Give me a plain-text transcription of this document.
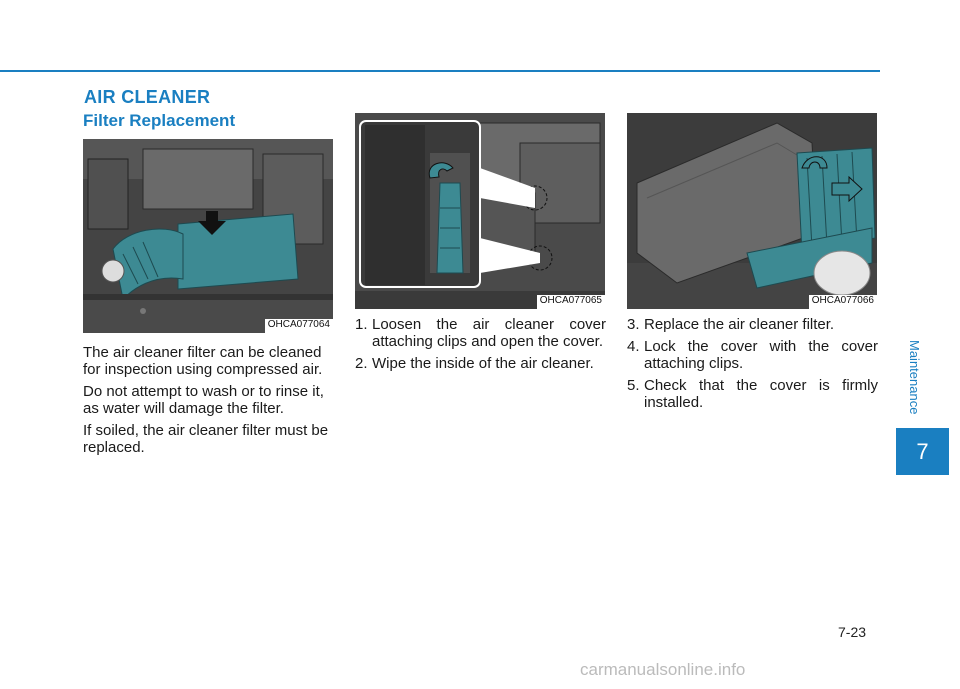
AIR CLEANER
Filter Replacement
OHCA077064
OHCA077065	OHCA077066

The air cleaner filter can be cleaned for inspection using compressed air.

Do not attempt to wash or to rinse it, as water will damage the filter.

If soiled, the air cleaner filter must be replaced.

1. Loosen the air cleaner cover attaching clips and open the cover.
2. Wipe the inside of the air cleaner.
3. Replace the air cleaner filter.
4. Lock the cover with the cover attaching clips.
5. Check that the cover is firmly installed.	Maintenance
7
7-23
carmanualsonline.info
